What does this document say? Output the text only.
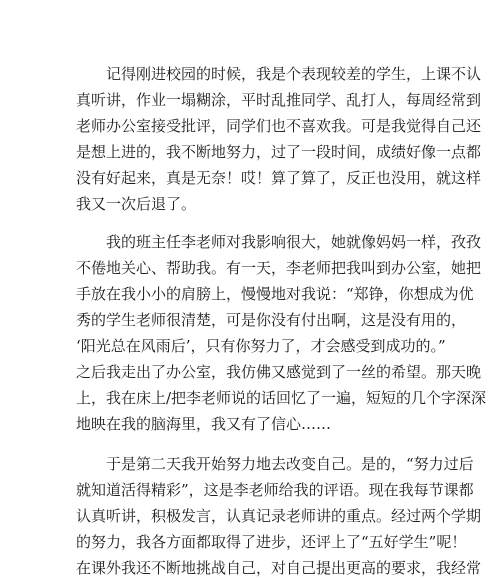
　　记得刚进校园的时候，我是个表现较差的学生，上课不认
真听讲，作业一塌糊涂，平时乱推同学、乱打人，每周经常到
老师办公室接受批评，同学们也不喜欢我。可是我觉得自己还
是想上进的，我不断地努力，过了一段时间，成绩好像一点都
没有好起来，真是无奈！哎！算了算了，反正也没用，就这样
我又一次后退了。
　　我的班主任李老师对我影响很大，她就像妈妈一样，孜孜
不倦地关心、帮助我。有一天，李老师把我叫到办公室，她把
手放在我小小的肩膀上，慢慢地对我说：“郑铮，你想成为优
秀的学生老师很清楚，可是你没有付出啊，这是没有用的，
‘阳光总在风雨后’，只有你努力了，才会感受到成功的。”
之后我走出了办公室，我仿佛又感觉到了一丝的希望。那天晚
上，我在床上/把李老师说的话回忆了一遍，短短的几个字深深
地映在我的脑海里，我又有了信心……
　　于是第二天我开始努力地去改变自己。是的，“努力过后
就知道活得精彩”，这是李老师给我的评语。现在我每节课都
认真听讲，积极发言，认真记录老师讲的重点。经过两个学期
的努力，我各方面都取得了进步，还评上了“五好学生”呢！
在课外我还不断地挑战自己，对自己提出更高的要求，我经常
